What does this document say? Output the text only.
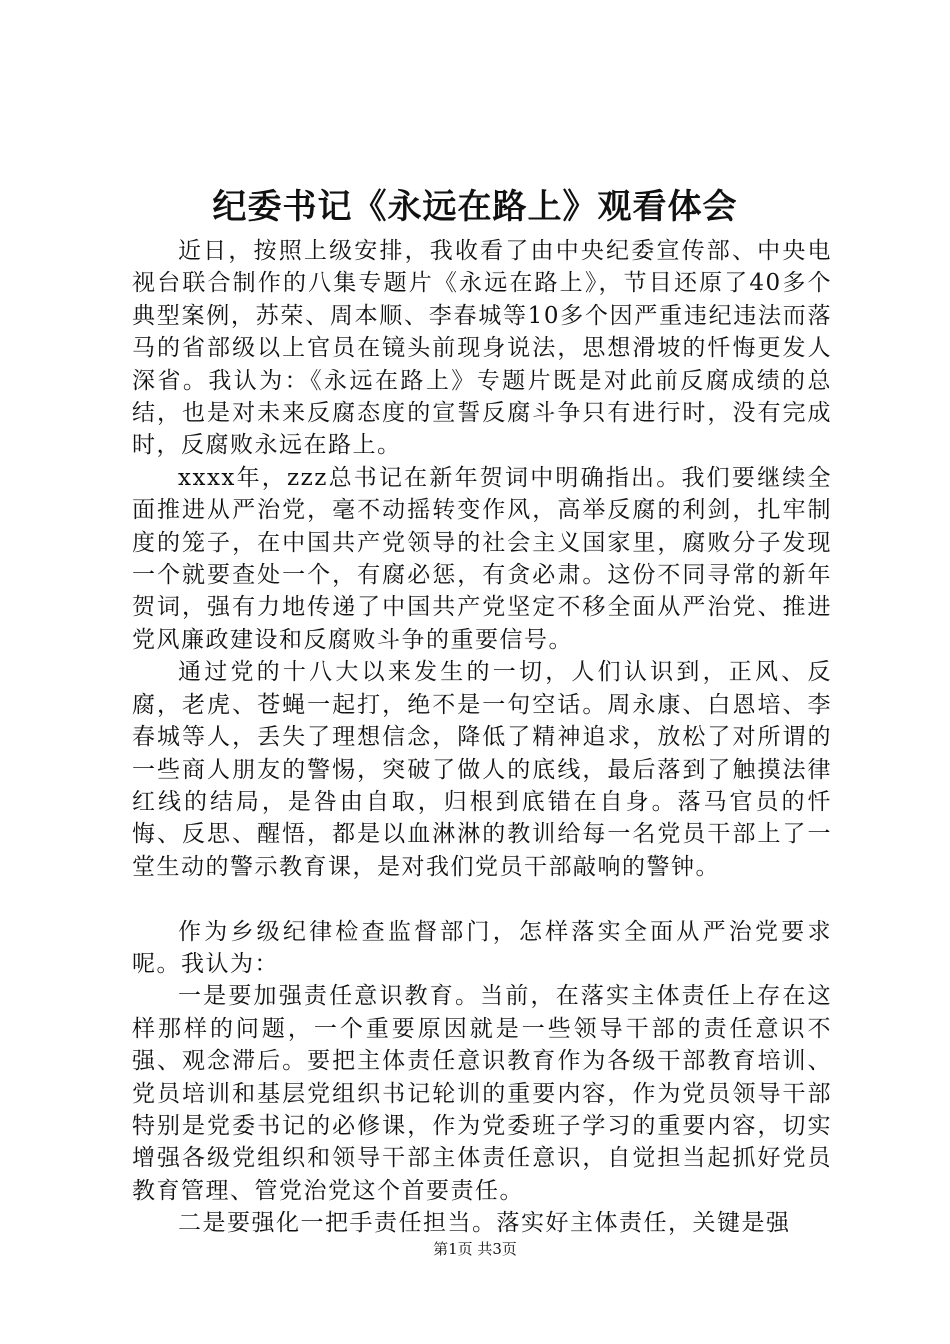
纪委书记《永远在路上》观看体会

近日，按照上级安排，我收看了由中央纪委宣传部、中央电视台联合制作的八集专题片《永远在路上》，节目还原了40多个典型案例，苏荣、周本顺、李春城等10多个因严重违纪违法而落马的省部级以上官员在镜头前现身说法，思想滑坡的忏悔更发人深省。我认为：《永远在路上》专题片既是对此前反腐成绩的总结，也是对未来反腐态度的宣誓反腐斗争只有进行时，没有完成时，反腐败永远在路上。

xxxx年，zzz总书记在新年贺词中明确指出。我们要继续全面推进从严治党，毫不动摇转变作风，高举反腐的利剑，扎牢制度的笼子，在中国共产党领导的社会主义国家里，腐败分子发现一个就要查处一个，有腐必惩，有贪必肃。这份不同寻常的新年贺词，强有力地传递了中国共产党坚定不移全面从严治党、推进党风廉政建设和反腐败斗争的重要信号。

通过党的十八大以来发生的一切，人们认识到，正风、反腐，老虎、苍蝇一起打，绝不是一句空话。周永康、白恩培、李春城等人，丢失了理想信念，降低了精神追求，放松了对所谓的一些商人朋友的警惕，突破了做人的底线，最后落到了触摸法律红线的结局，是咎由自取，归根到底错在自身。落马官员的忏悔、反思、醒悟，都是以血淋淋的教训给每一名党员干部上了一堂生动的警示教育课，是对我们党员干部敲响的警钟。

作为乡级纪律检查监督部门，怎样落实全面从严治党要求呢。我认为：

一是要加强责任意识教育。当前，在落实主体责任上存在这样那样的问题，一个重要原因就是一些领导干部的责任意识不强、观念滞后。要把主体责任意识教育作为各级干部教育培训、党员培训和基层党组织书记轮训的重要内容，作为党员领导干部特别是党委书记的必修课，作为党委班子学习的重要内容，切实增强各级党组织和领导干部主体责任意识，自觉担当起抓好党员教育管理、管党治党这个首要责任。

二是要强化一把手责任担当。落实好主体责任，关键是强

第1页 共3页
